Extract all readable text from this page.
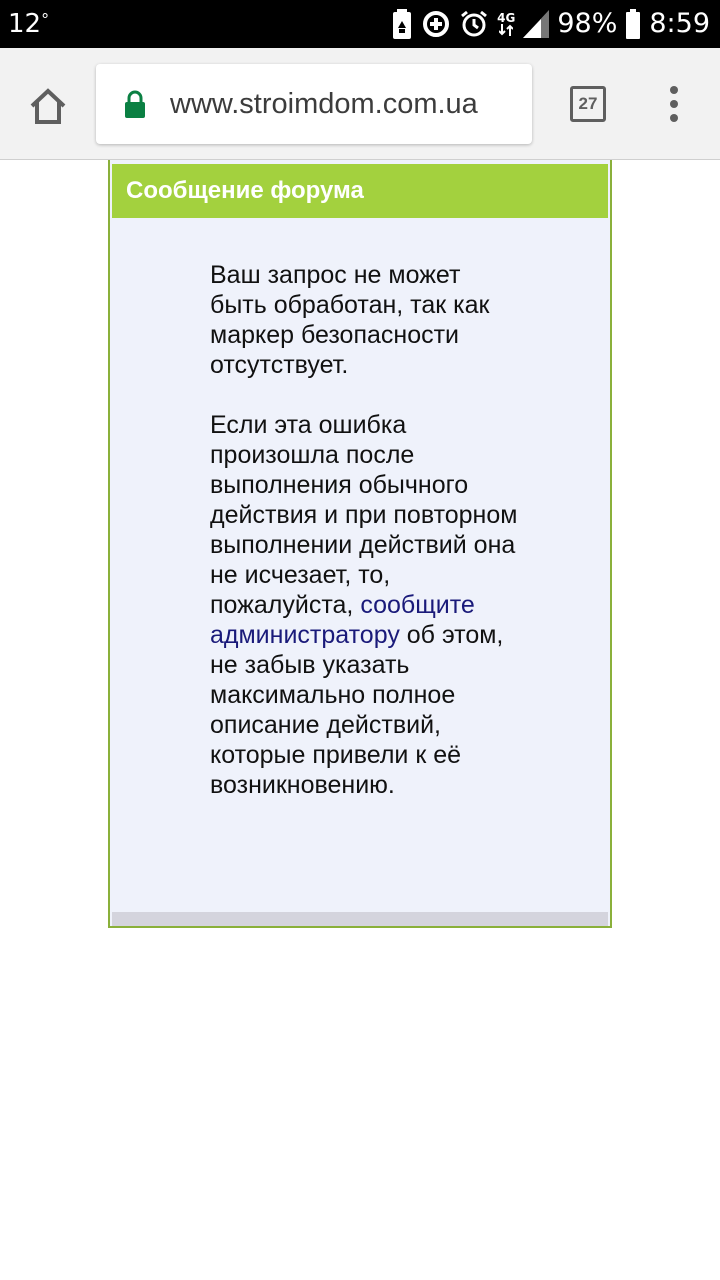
12°	4G 98% 8:59
www.stroimdom.com.ua	27
Сообщение форума

Ваш запрос не может быть обработан, так как маркер безопасности отсутствует.

Если эта ошибка произошла после выполнения обычного действия и при повторном выполнении действий она не исчезает, то, пожалуйста, сообщите администратору об этом, не забыв указать максимально полное описание действий, которые привели к её возникновению.
